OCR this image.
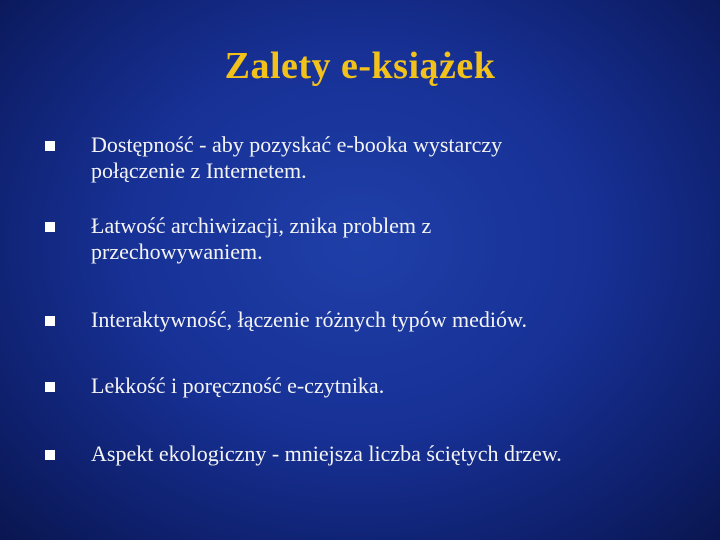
Zalety e-książek
Dostępność - aby pozyskać e-booka wystarczy
połączenie z Internetem.
Łatwość archiwizacji, znika problem z
przechowywaniem.
Interaktywność, łączenie różnych typów mediów.
Lekkość i poręczność e-czytnika.
Aspekt ekologiczny - mniejsza liczba ściętych drzew.
